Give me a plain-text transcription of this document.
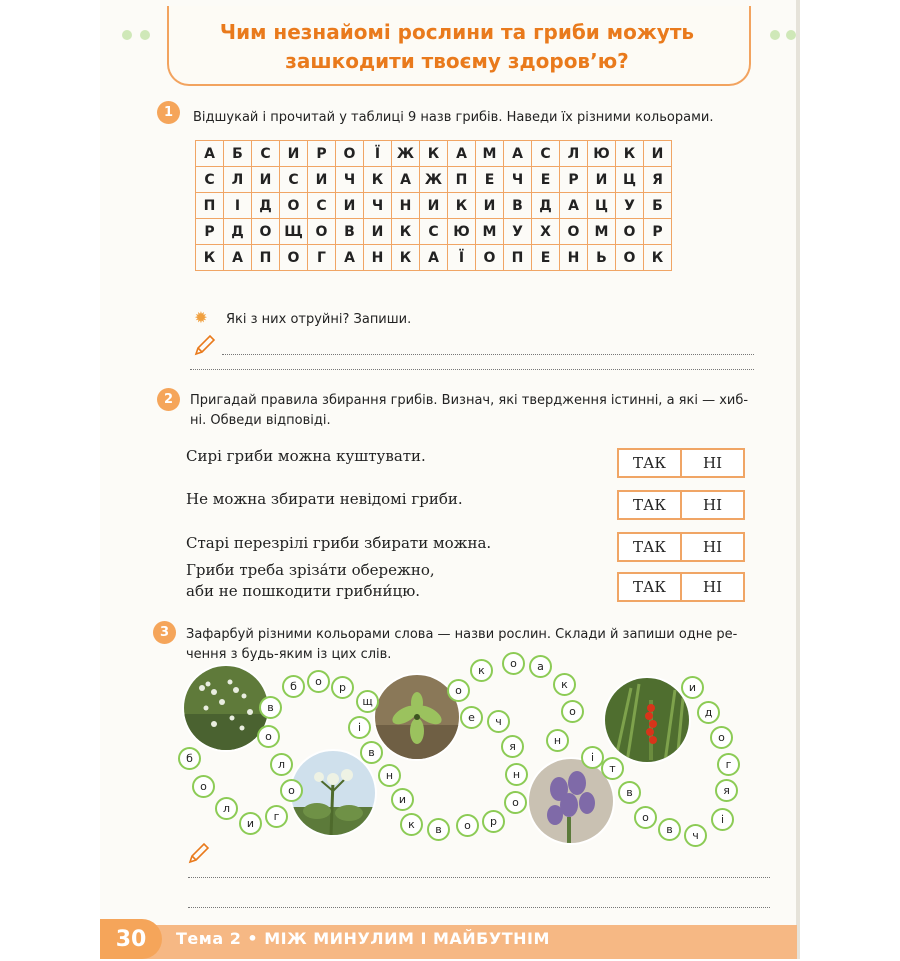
Чим незнайомі рослини та гриби можуть
зашкодити твоєму здоров’ю?
1	Відшукай і прочитай у таблиці 9 назв грибів. Наведи їх різними кольорами.
А	Б	С	И	Р	О	Ї	Ж	К	А	М	А	С	Л	Ю	К	И
С	Л	И	С	И	Ч	К	А	Ж	П	Е	Ч	Е	Р	И	Ц	Я
П	І	Д	О	С	И	Ч	Н	И	К	И	В	Д	А	Ц	У	Б
Р	Д	О	Щ	О	В	И	К	С	Ю	М	У	Х	О	М	О	Р
К	А	П	О	Г	А	Н	К	А	Ї	О	П	Е	Н	Ь	О	К
✹ Які з них отруйні? Запиши.
2	Пригадай правила збирання грибів. Визнач, які твердження істинні, а які — хиб-
ні. Обведи відповіді.
Сирі гриби можна куштувати.
Не можна збирати невідомі гриби.
Старі перезрілі гриби збирати можна.
Гриби треба зріза́ти обережно,
аби не пошкодити грибни́цю.
ТАК	НІ
ТАК	НІ
ТАК	НІ
ТАК	НІ
3	Зафарбуй різними кольорами слова — назви рослин. Склади й запиши одне ре-
чення з будь-яким із цих слів.
б	о	р
щ
в
о
л
б
о
л
и
г
о
і
в
н
и
к	в	о	р
о
н
я
ч
е
о
к
о	а
к
о
н
і
т
в
о
в	ч
і
я
г
о
д
и
30	Тема 2 • МІЖ МИНУЛИМ І МАЙБУТНІМ
